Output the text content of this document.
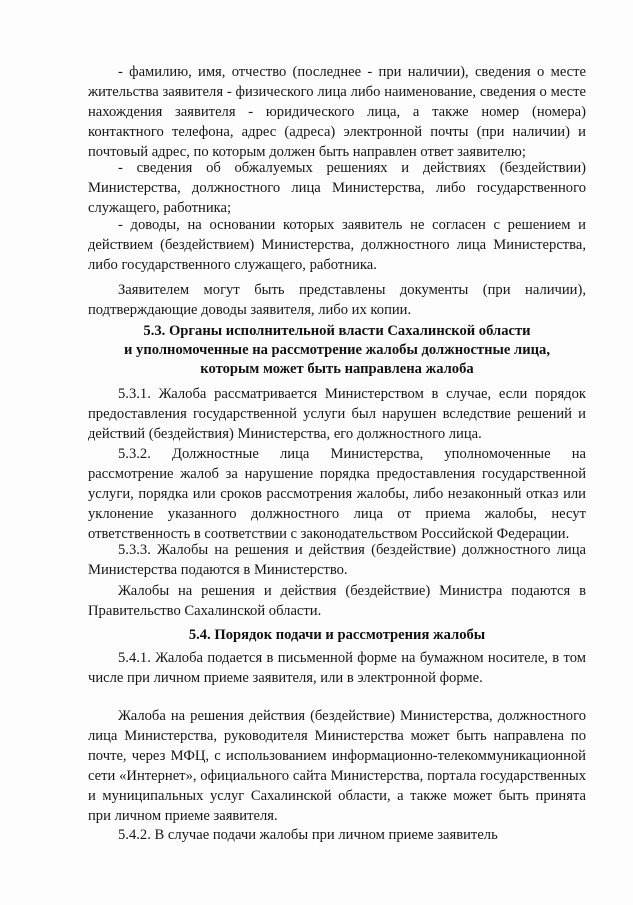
- фамилию, имя, отчество (последнее - при наличии), сведения о месте жительства заявителя - физического лица либо наименование, сведения о месте нахождения заявителя - юридического лица, а также номер (номера) контактного телефона, адрес (адреса) электронной почты (при наличии) и почтовый адрес, по которым должен быть направлен ответ заявителю;

- сведения об обжалуемых решениях и действиях (бездействии) Министерства, должностного лица Министерства, либо государственного служащего, работника;

- доводы, на основании которых заявитель не согласен с решением и действием (бездействием) Министерства, должностного лица Министерства, либо государственного служащего, работника.

Заявителем могут быть представлены документы (при наличии), подтверждающие доводы заявителя, либо их копии.

5.3. Органы исполнительной власти Сахалинской области
и уполномоченные на рассмотрение жалобы должностные лица,
которым может быть направлена жалоба

5.3.1. Жалоба рассматривается Министерством в случае, если порядок предоставления государственной услуги был нарушен вследствие решений и действий (бездействия) Министерства, его должностного лица.

5.3.2. Должностные лица Министерства, уполномоченные на рассмотрение жалоб за нарушение порядка предоставления государственной услуги, порядка или сроков рассмотрения жалобы, либо незаконный отказ или уклонение указанного должностного лица от приема жалобы, несут ответственность в соответствии с законодательством Российской Федерации.

5.3.3. Жалобы на решения и действия (бездействие) должностного лица Министерства подаются в Министерство.

Жалобы на решения и действия (бездействие) Министра подаются в Правительство Сахалинской области.

5.4. Порядок подачи и рассмотрения жалобы

5.4.1. Жалоба подается в письменной форме на бумажном носителе, в том числе при личном приеме заявителя, или в электронной форме.

Жалоба на решения действия (бездействие) Министерства, должностного лица Министерства, руководителя Министерства может быть направлена по почте, через МФЦ, с использованием информационно-телекоммуникационной сети «Интернет», официального сайта Министерства, портала государственных и муниципальных услуг Сахалинской области, а также может быть принята при личном приеме заявителя.

5.4.2. В случае подачи жалобы при личном приеме заявитель
